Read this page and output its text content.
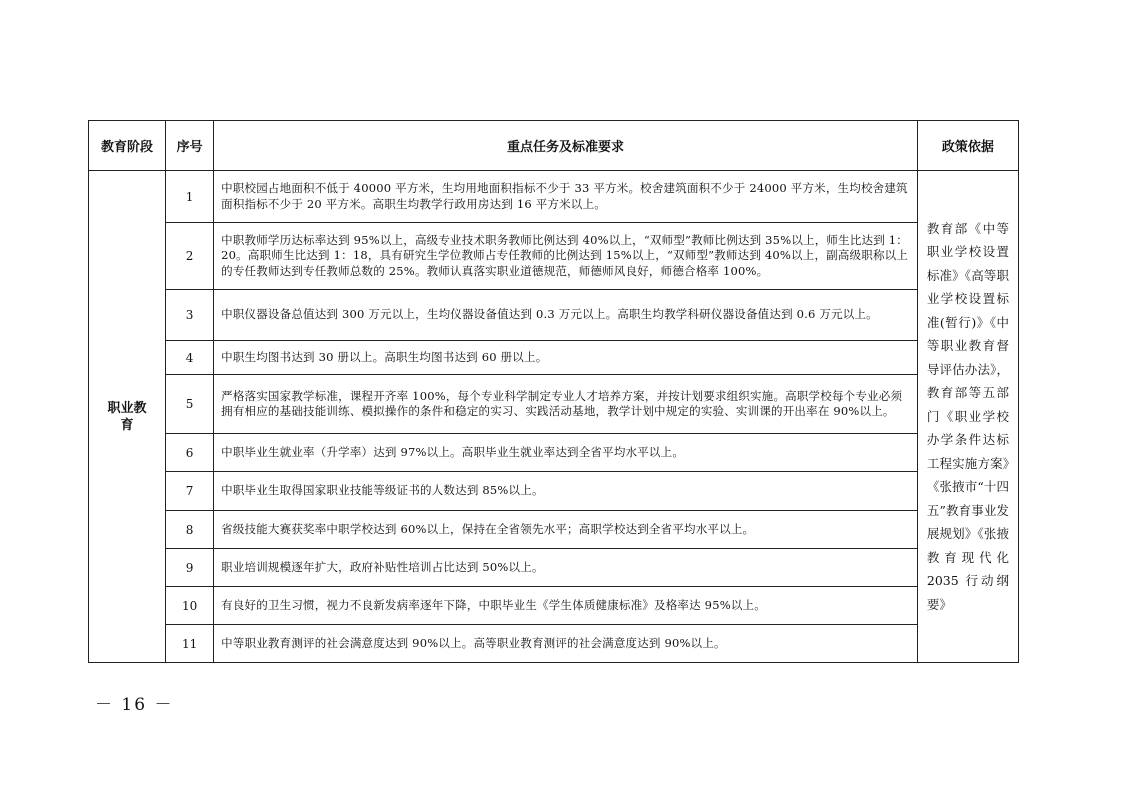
教育阶段	序号	重点任务及标准要求	政策依据
职业教育	1	中职校园占地面积不低于 40000 平方米，生均用地面积指标不少于 33 平方米。校舍建筑面积不少于 24000 平方米，生均校舍建筑面积指标不少于 20 平方米。高职生均教学行政用房达到 16 平方米以上。	教育部《中等职业学校设置标准》《高等职业学校设置标准(暂行)》《中等职业教育督导评估办法》，教育部等五部门《职业学校办学条件达标工程实施方案》《张掖市“十四五”教育事业发展规划》《张掖教育现代化2035 行动纲要》
	2	中职教师学历达标率达到 95%以上，高级专业技术职务教师比例达到 40%以上，“双师型”教师比例达到 35%以上，师生比达到 1：20。高职师生比达到 1：18，具有研究生学位教师占专任教师的比例达到 15%以上，“双师型”教师达到 40%以上，副高级职称以上的专任教师达到专任教师总数的 25%。教师认真落实职业道德规范，师德师风良好，师德合格率 100%。	
	3	中职仪器设备总值达到 300 万元以上，生均仪器设备值达到 0.3 万元以上。高职生均教学科研仪器设备值达到 0.6 万元以上。	
	4	中职生均图书达到 30 册以上。高职生均图书达到 60 册以上。	
	5	严格落实国家教学标准，课程开齐率 100%，每个专业科学制定专业人才培养方案，并按计划要求组织实施。高职学校每个专业必须拥有相应的基础技能训练、模拟操作的条件和稳定的实习、实践活动基地，教学计划中规定的实验、实训课的开出率在 90%以上。	
	6	中职毕业生就业率（升学率）达到 97%以上。高职毕业生就业率达到全省平均水平以上。	
	7	中职毕业生取得国家职业技能等级证书的人数达到 85%以上。	
	8	省级技能大赛获奖率中职学校达到 60%以上，保持在全省领先水平；高职学校达到全省平均水平以上。	
	9	职业培训规模逐年扩大，政府补贴性培训占比达到 50%以上。	
	10	有良好的卫生习惯，视力不良新发病率逐年下降，中职毕业生《学生体质健康标准》及格率达 95%以上。	
	11	中等职业教育测评的社会满意度达到 90%以上。高等职业教育测评的社会满意度达到 90%以上。	
－ 16 －
